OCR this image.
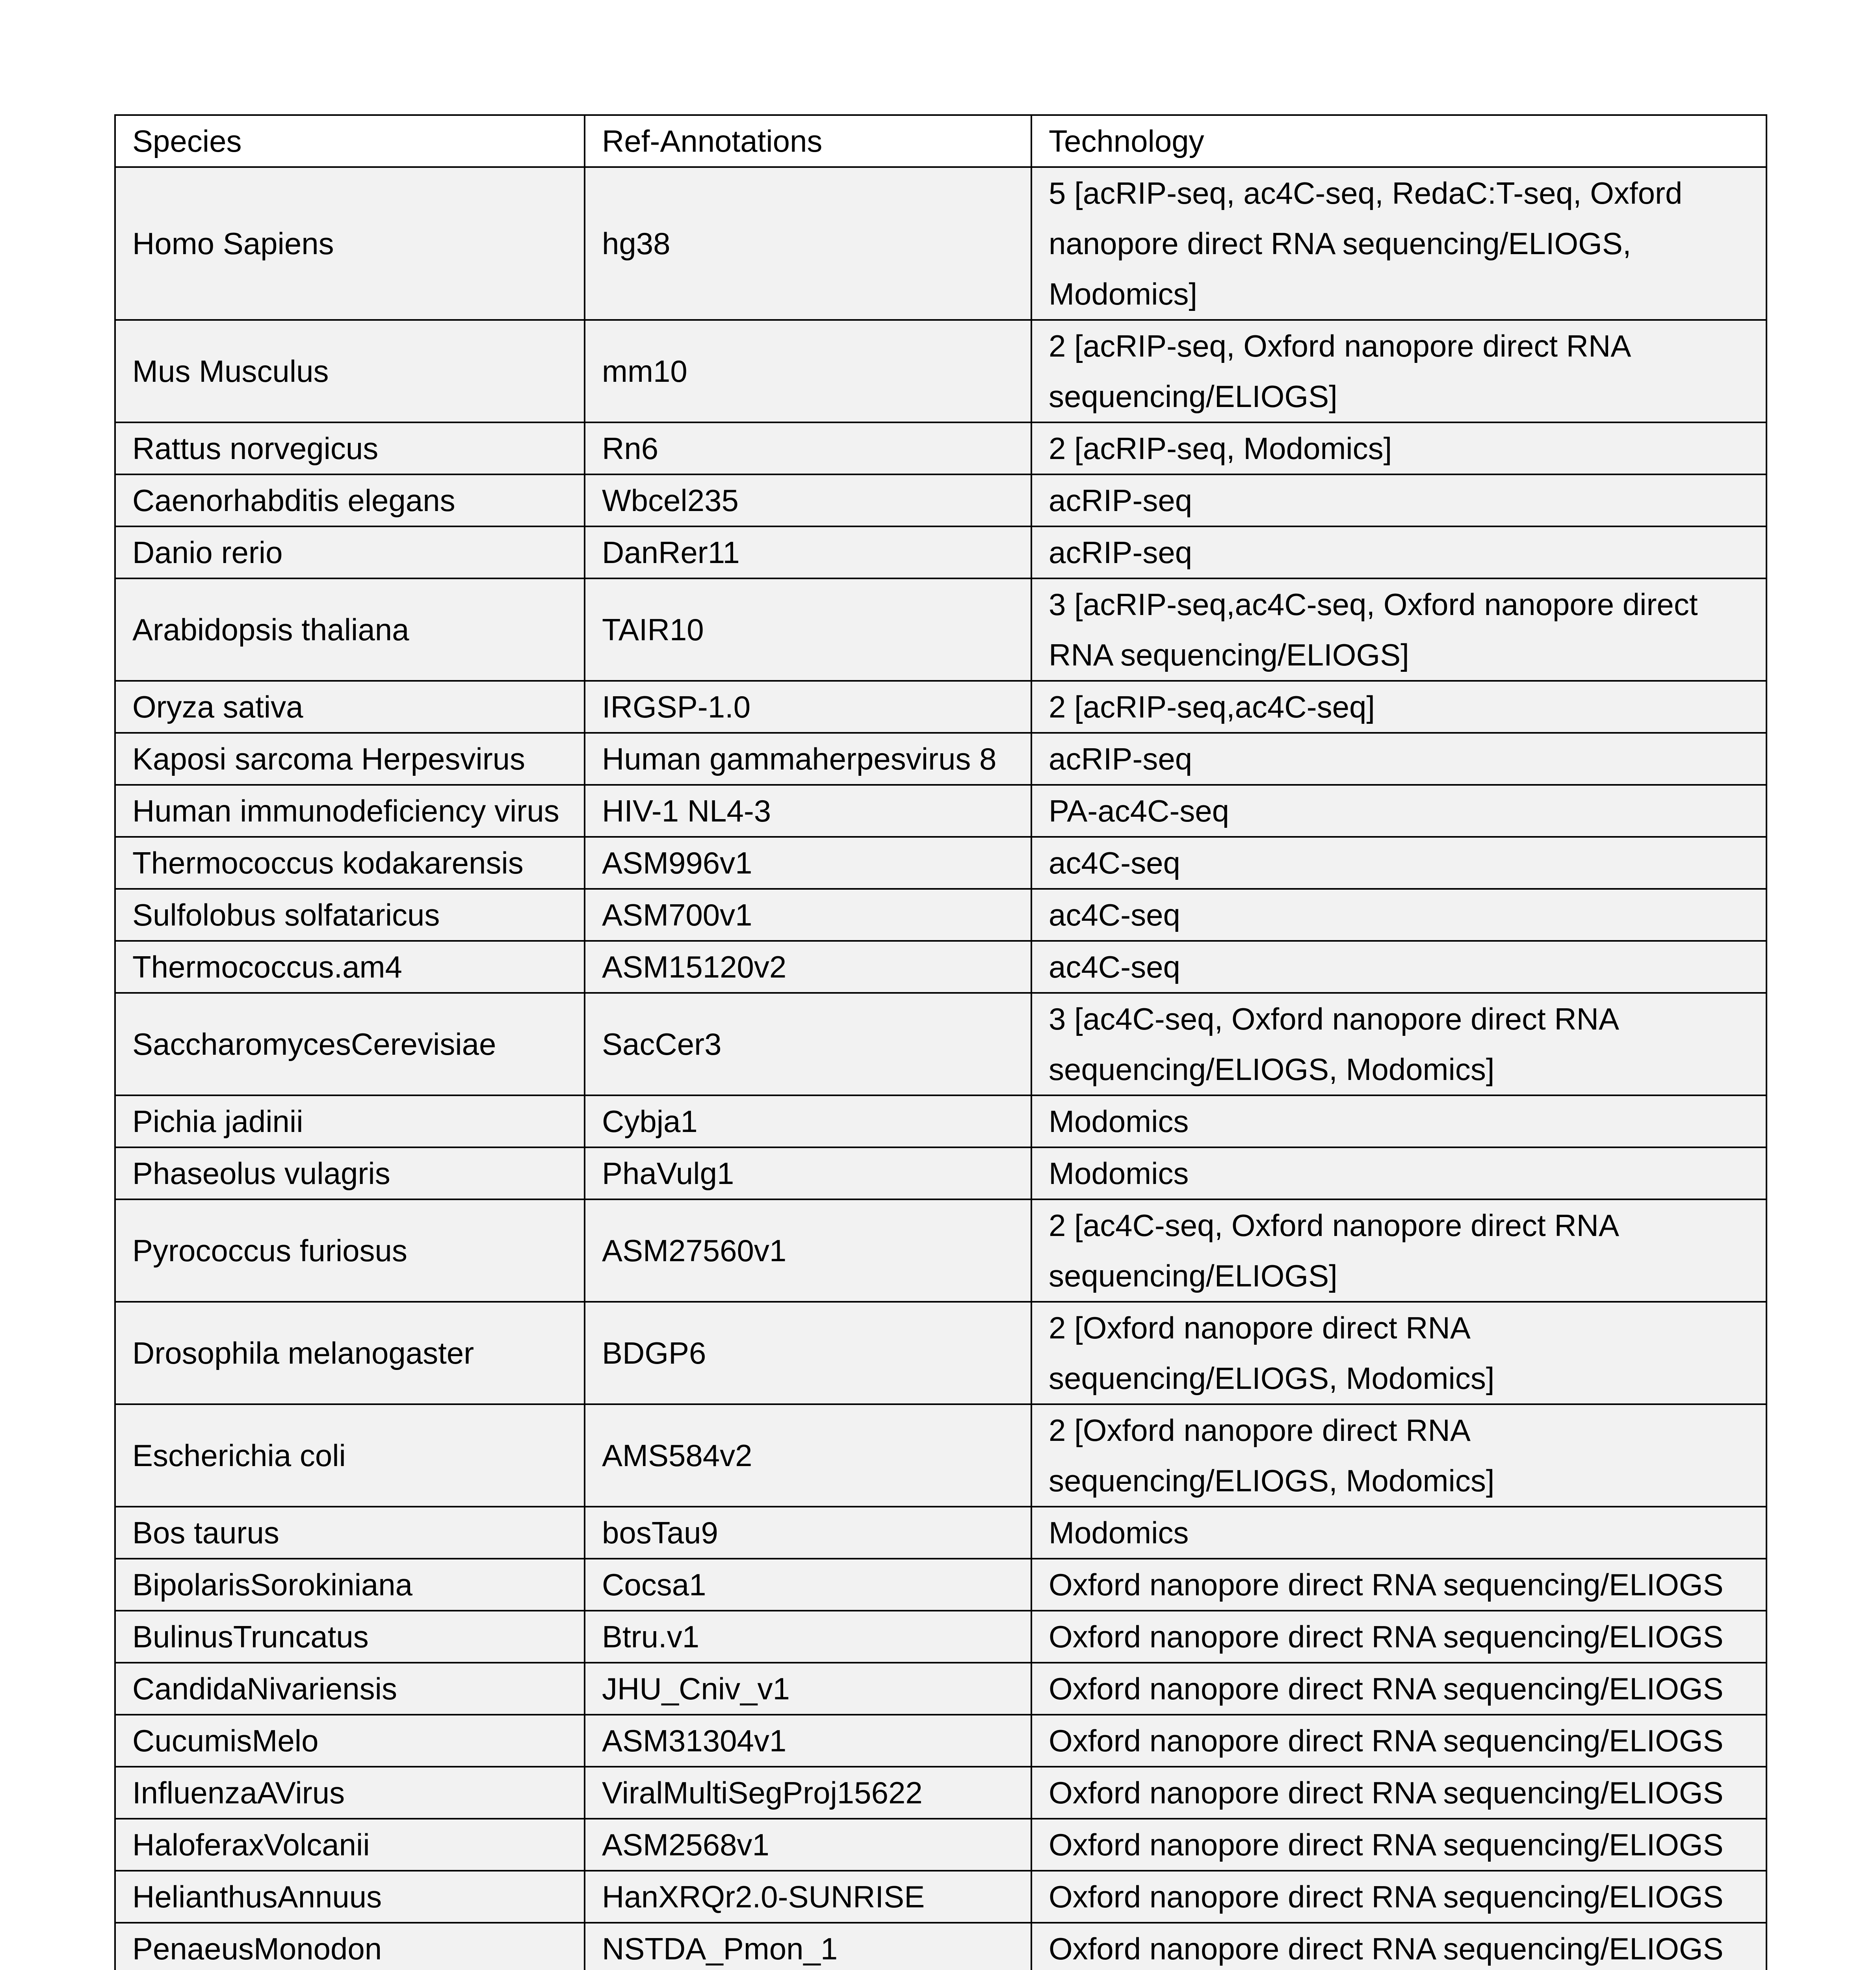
Species	Ref-Annotations	Technology
Homo Sapiens	hg38	5 [acRIP-seq, ac4C-seq, RedaC:T-seq, Oxford nanopore direct RNA sequencing/ELIOGS, Modomics]
Mus Musculus	mm10	2 [acRIP-seq, Oxford nanopore direct RNA sequencing/ELIOGS]
Rattus norvegicus	Rn6	2 [acRIP-seq, Modomics]
Caenorhabditis elegans	Wbcel235	acRIP-seq
Danio rerio	DanRer11	acRIP-seq
Arabidopsis thaliana	TAIR10	3 [acRIP-seq,ac4C-seq, Oxford nanopore direct RNA sequencing/ELIOGS]
Oryza sativa	IRGSP-1.0	2 [acRIP-seq,ac4C-seq]
Kaposi sarcoma Herpesvirus	Human gammaherpesvirus 8	acRIP-seq
Human immunodeficiency virus	HIV-1 NL4-3	PA-ac4C-seq
Thermococcus kodakarensis	ASM996v1	ac4C-seq
Sulfolobus solfataricus	ASM700v1	ac4C-seq
Thermococcus.am4	ASM15120v2	ac4C-seq
SaccharomycesCerevisiae	SacCer3	3 [ac4C-seq, Oxford nanopore direct RNA sequencing/ELIOGS, Modomics]
Pichia jadinii	Cybja1	Modomics
Phaseolus vulagris	PhaVulg1	Modomics
Pyrococcus furiosus	ASM27560v1	2 [ac4C-seq, Oxford nanopore direct RNA sequencing/ELIOGS]
Drosophila melanogaster	BDGP6	2 [Oxford nanopore direct RNA sequencing/ELIOGS, Modomics]
Escherichia coli	AMS584v2	2 [Oxford nanopore direct RNA sequencing/ELIOGS, Modomics]
Bos taurus	bosTau9	Modomics
BipolarisSorokiniana	Cocsa1	Oxford nanopore direct RNA sequencing/ELIOGS
BulinusTruncatus	Btru.v1	Oxford nanopore direct RNA sequencing/ELIOGS
CandidaNivariensis	JHU_Cniv_v1	Oxford nanopore direct RNA sequencing/ELIOGS
CucumisMelo	ASM31304v1	Oxford nanopore direct RNA sequencing/ELIOGS
InfluenzaAVirus	ViralMultiSegProj15622	Oxford nanopore direct RNA sequencing/ELIOGS
HaloferaxVolcanii	ASM2568v1	Oxford nanopore direct RNA sequencing/ELIOGS
HelianthusAnnuus	HanXRQr2.0-SUNRISE	Oxford nanopore direct RNA sequencing/ELIOGS
PenaeusMonodon	NSTDA_Pmon_1	Oxford nanopore direct RNA sequencing/ELIOGS
